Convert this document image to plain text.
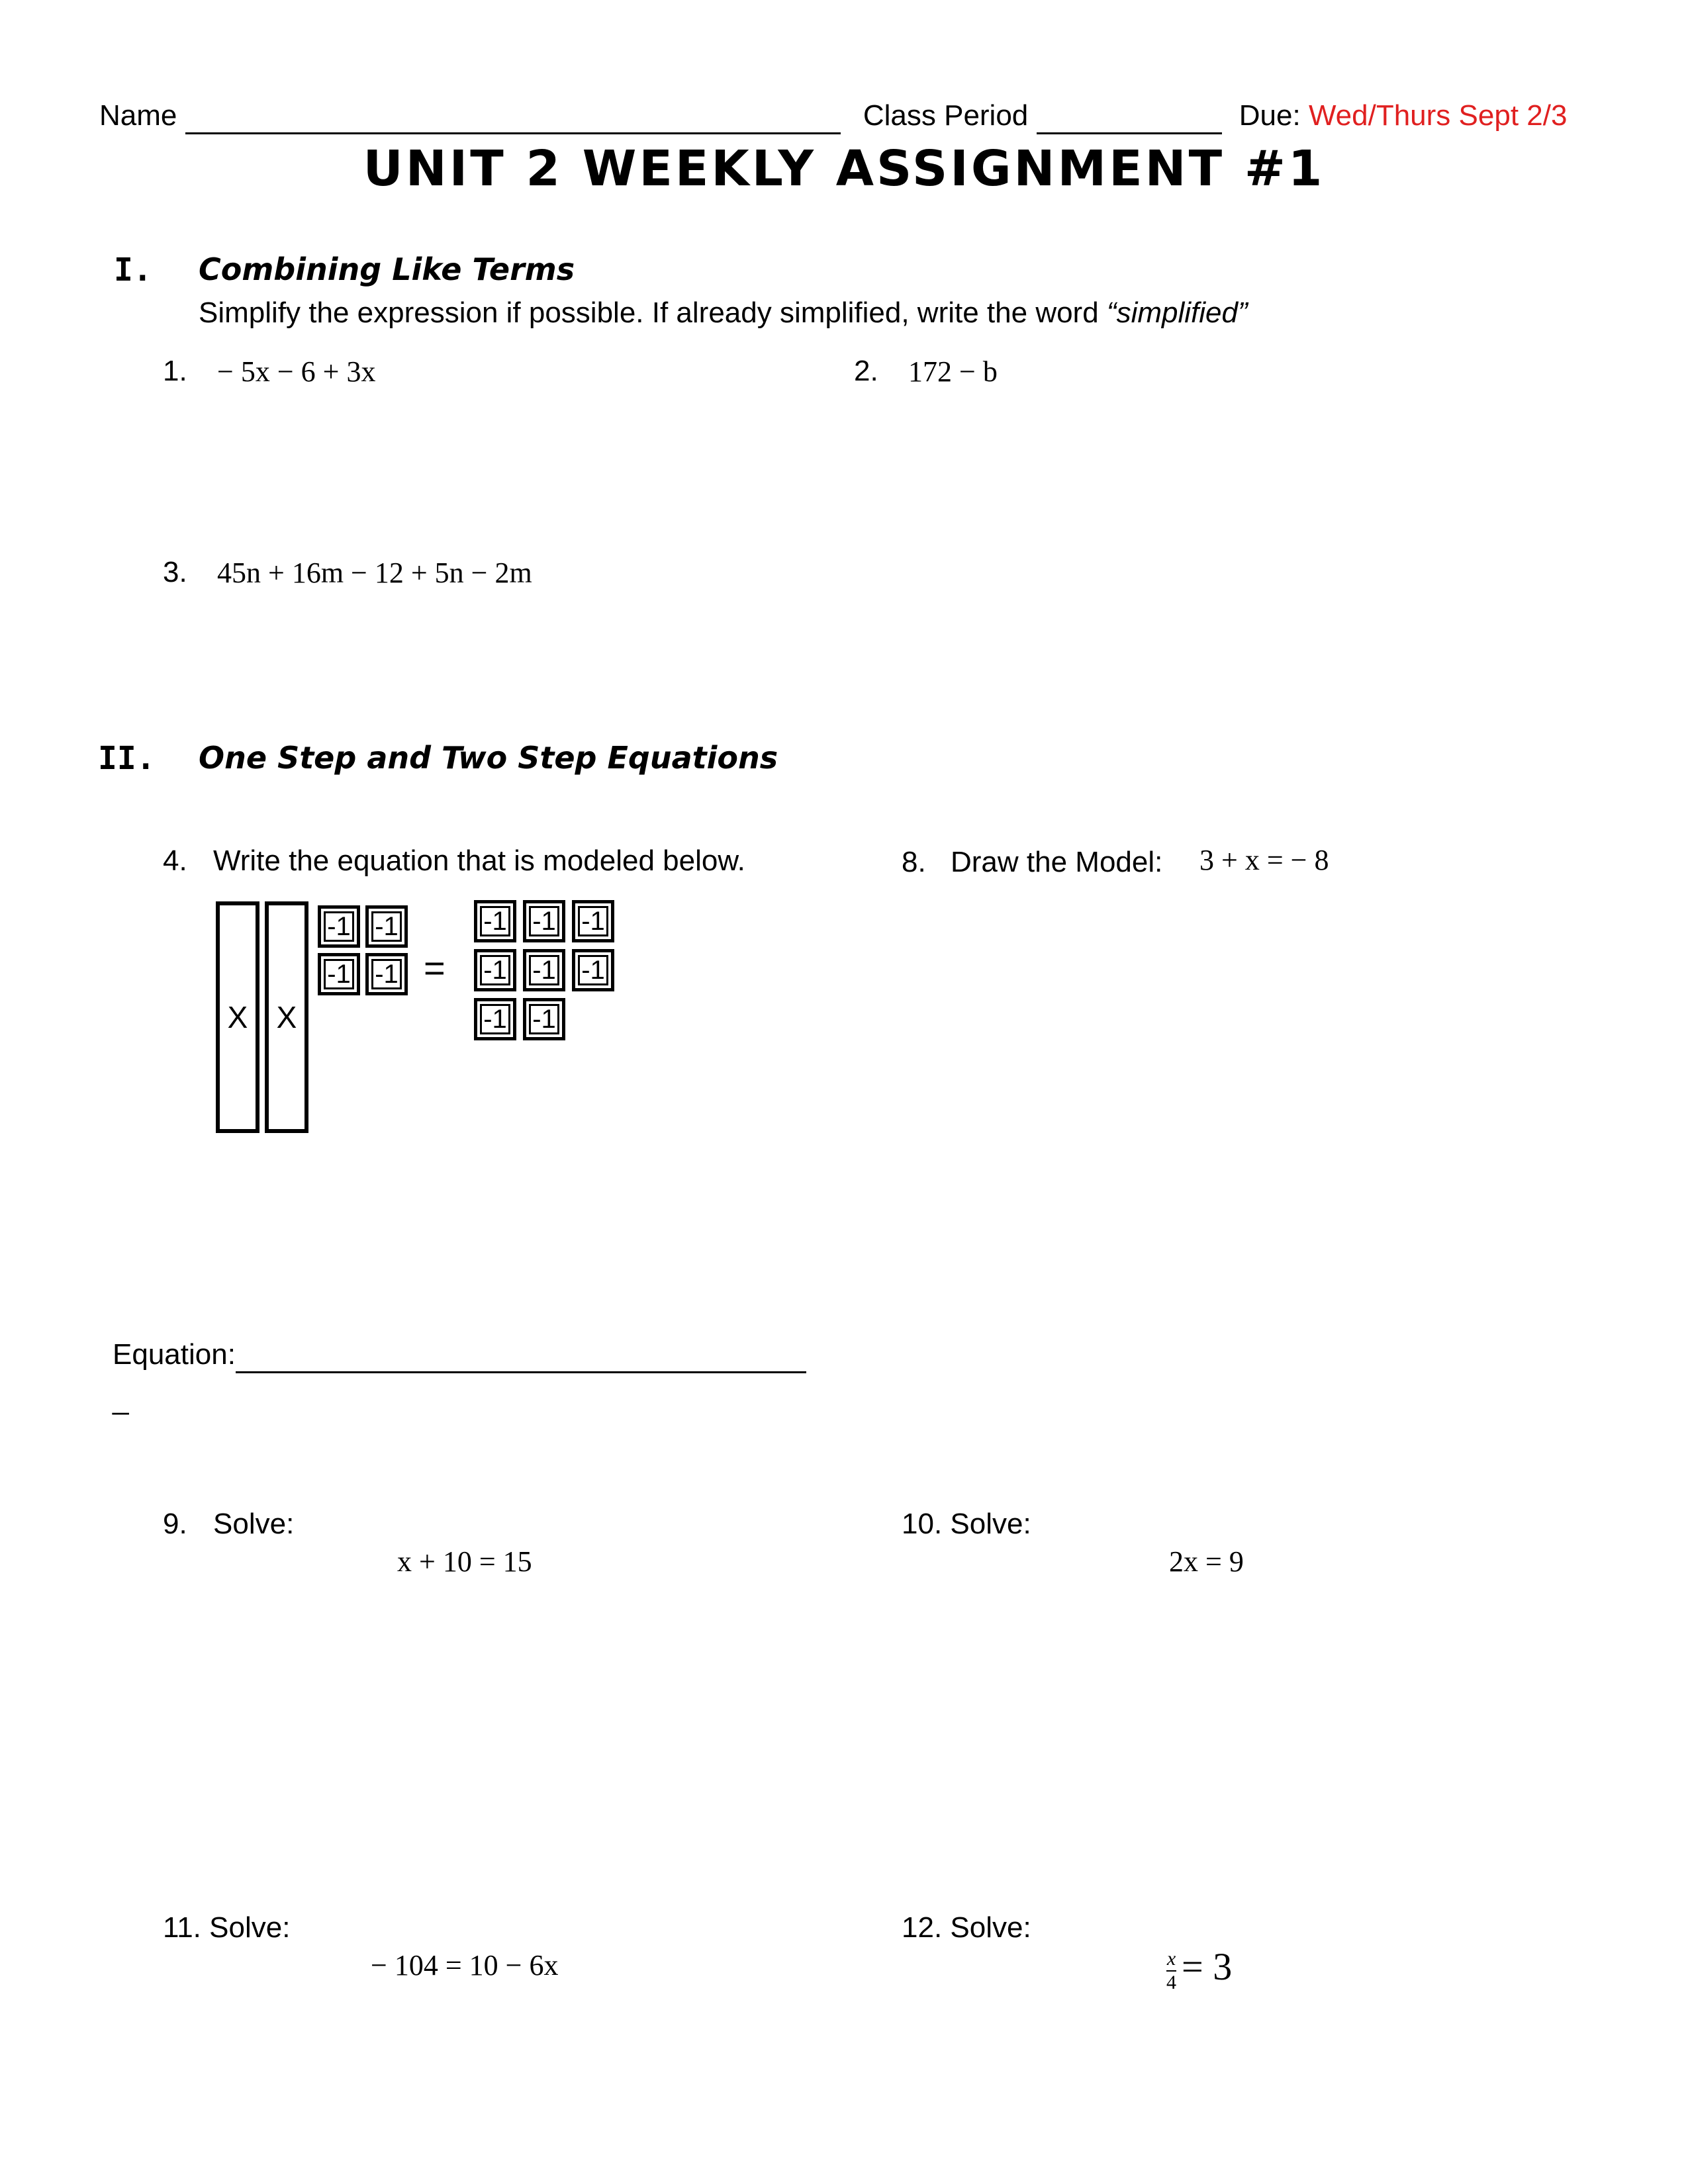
Name	Class Period	Due: Wed/Thurs Sept 2/3
UNIT 2 WEEKLY ASSIGNMENT #1
I. Combining Like Terms
Simplify the expression if possible. If already simplified, write the word “simplified”
1. − 5x − 6 + 3x	2. 172 − b
3. 45n + 16m − 12 + 5n − 2m
II. One Step and Two Step Equations
4. Write the equation that is modeled below.
X X
-1 -1
-1 -1 =
-1 -1 -1
-1 -1 -1
-1 -1
8. Draw the Model: 3 + x = − 8
Equation:
_
9. Solve:
x + 10 = 15
10. Solve:
2x = 9
11. Solve:
− 104 = 10 − 6x
12. Solve:
$\frac{x}{4} = 3$
